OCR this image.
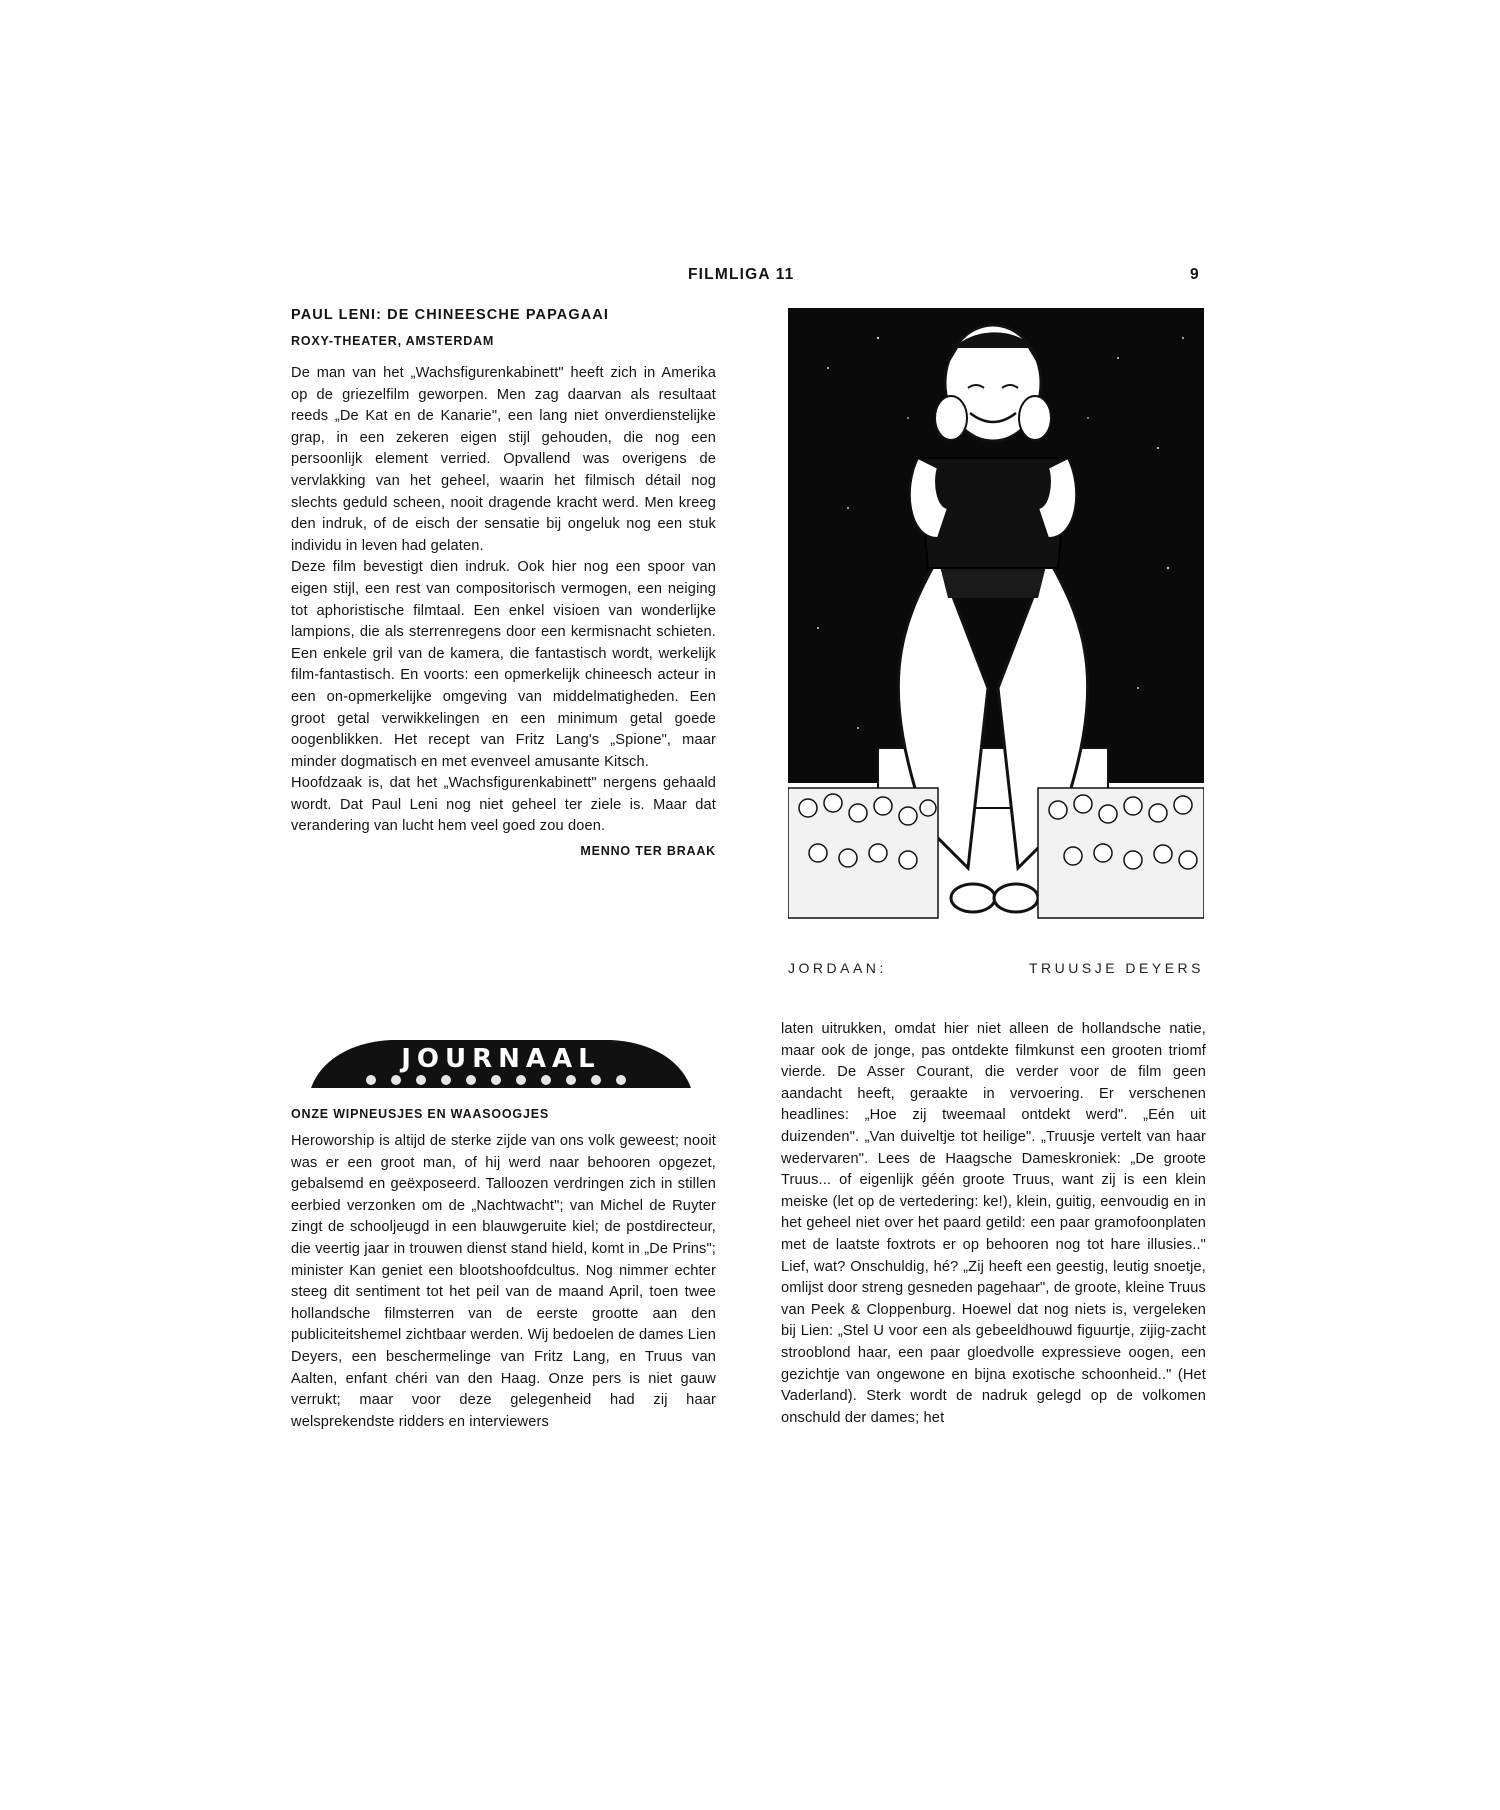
FILMLIGA 11	9
PAUL LENI: DE CHINEESCHE PAPAGAAI
ROXY-THEATER, AMSTERDAM

De man van het „Wachsfigurenkabinett" heeft zich in Amerika op de griezelfilm geworpen. Men zag daarvan als resultaat reeds „De Kat en de Kanarie", een lang niet onverdienstelijke grap, in een zekeren eigen stijl gehouden, die nog een persoonlijk element verried. Opvallend was overigens de vervlakking van het geheel, waarin het filmisch détail nog slechts geduld scheen, nooit dragende kracht werd. Men kreeg den indruk, of de eisch der sensatie bij ongeluk nog een stuk individu in leven had gelaten.

Deze film bevestigt dien indruk. Ook hier nog een spoor van eigen stijl, een rest van compositorisch vermogen, een neiging tot aphoristische filmtaal. Een enkel visioen van wonderlijke lampions, die als sterrenregens door een kermisnacht schieten. Een enkele gril van de kamera, die fantastisch wordt, werkelijk film-fantastisch. En voorts: een opmerkelijk chineesch acteur in een on-opmerkelijke omgeving van middelmatigheden. Een groot getal verwikkelingen en een minimum getal goede oogenblikken. Het recept van Fritz Lang's „Spione", maar minder dogmatisch en met evenveel amusante Kitsch.

Hoofdzaak is, dat het „Wachsfigurenkabinett" nergens gehaald wordt. Dat Paul Leni nog niet geheel ter ziele is. Maar dat verandering van lucht hem veel goed zou doen.

MENNO TER BRAAK
JORDAAN:	TRUUSJE DEYERS
JOURNAAL
ONZE WIPNEUSJES EN WAASOOGJES
Heroworship is altijd de sterke zijde van ons volk geweest; nooit was er een groot man, of hij werd naar behooren opgezet, gebalsemd en geëxposeerd. Talloozen verdringen zich in stillen eerbied verzonken om de „Nachtwacht"; van Michel de Ruyter zingt de schooljeugd in een blauwgeruite kiel; de postdirecteur, die veertig jaar in trouwen dienst stand hield, komt in „De Prins"; minister Kan geniet een blootshoofdcultus. Nog nimmer echter steeg dit sentiment tot het peil van de maand April, toen twee hollandsche filmsterren van de eerste grootte aan den publiciteitshemel zichtbaar werden. Wij bedoelen de dames Lien Deyers, een beschermelinge van Fritz Lang, en Truus van Aalten, enfant chéri van den Haag. Onze pers is niet gauw verrukt; maar voor deze gelegenheid had zij haar welsprekendste ridders en interviewers
laten uitrukken, omdat hier niet alleen de hollandsche natie, maar ook de jonge, pas ontdekte filmkunst een grooten triomf vierde. De Asser Courant, die verder voor de film geen aandacht heeft, geraakte in vervoering. Er verschenen headlines: „Hoe zij tweemaal ontdekt werd". „Eén uit duizenden". „Van duiveltje tot heilige". „Truusje vertelt van haar wedervaren". Lees de Haagsche Dameskroniek: „De groote Truus... of eigenlijk géén groote Truus, want zij is een klein meiske (let op de vertedering: ke!), klein, guitig, eenvoudig en in het geheel niet over het paard getild: een paar gramofoonplaten met de laatste foxtrots er op behooren nog tot hare illusies.." Lief, wat? Onschuldig, hé? „Zij heeft een geestig, leutig snoetje, omlijst door streng gesneden pagehaar", de groote, kleine Truus van Peek & Cloppenburg. Hoewel dat nog niets is, vergeleken bij Lien: „Stel U voor een als gebeeldhouwd figuurtje, zijig-zacht strooblond haar, een paar gloedvolle expressieve oogen, een gezichtje van ongewone en bijna exotische schoonheid.." (Het Vaderland). Sterk wordt de nadruk gelegd op de volkomen onschuld der dames; het
